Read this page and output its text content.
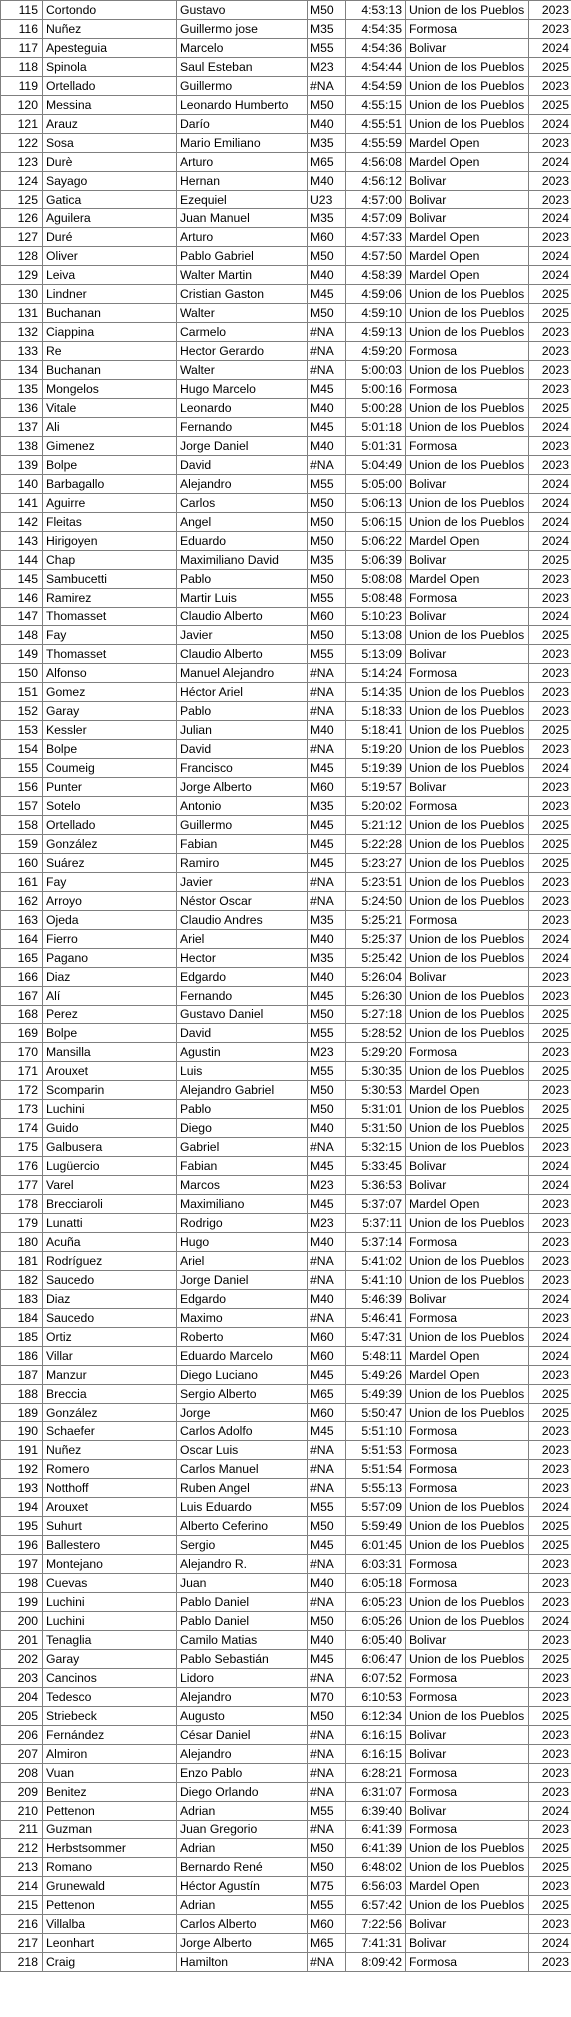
115	Cortondo	Gustavo	M50	4:53:13	Union de los Pueblos	2023
116	Nuñez	Guillermo jose	M35	4:54:35	Formosa	2023
117	Apesteguia	Marcelo	M55	4:54:36	Bolivar	2024
118	Spinola	Saul Esteban	M23	4:54:44	Union de los Pueblos	2025
119	Ortellado	Guillermo	#NA	4:54:59	Union de los Pueblos	2023
120	Messina	Leonardo Humberto	M50	4:55:15	Union de los Pueblos	2025
121	Arauz	Darío	M40	4:55:51	Union de los Pueblos	2024
122	Sosa	Mario Emiliano	M35	4:55:59	Mardel Open	2023
123	Durè	Arturo	M65	4:56:08	Mardel Open	2024
124	Sayago	Hernan	M40	4:56:12	Bolivar	2023
125	Gatica	Ezequiel	U23	4:57:00	Bolivar	2023
126	Aguilera	Juan Manuel	M35	4:57:09	Bolivar	2024
127	Duré	Arturo	M60	4:57:33	Mardel Open	2023
128	Oliver	Pablo Gabriel	M50	4:57:50	Mardel Open	2024
129	Leiva	Walter Martin	M40	4:58:39	Mardel Open	2024
130	Lindner	Cristian Gaston	M45	4:59:06	Union de los Pueblos	2025
131	Buchanan	Walter	M50	4:59:10	Union de los Pueblos	2025
132	Ciappina	Carmelo	#NA	4:59:13	Union de los Pueblos	2023
133	Re	Hector Gerardo	#NA	4:59:20	Formosa	2023
134	Buchanan	Walter	#NA	5:00:03	Union de los Pueblos	2023
135	Mongelos	Hugo Marcelo	M45	5:00:16	Formosa	2023
136	Vitale	Leonardo	M40	5:00:28	Union de los Pueblos	2025
137	Ali	Fernando	M45	5:01:18	Union de los Pueblos	2024
138	Gimenez	Jorge Daniel	M40	5:01:31	Formosa	2023
139	Bolpe	David	#NA	5:04:49	Union de los Pueblos	2023
140	Barbagallo	Alejandro	M55	5:05:00	Bolivar	2024
141	Aguirre	Carlos	M50	5:06:13	Union de los Pueblos	2024
142	Fleitas	Angel	M50	5:06:15	Union de los Pueblos	2024
143	Hirigoyen	Eduardo	M50	5:06:22	Mardel Open	2024
144	Chap	Maximiliano David	M35	5:06:39	Bolivar	2025
145	Sambucetti	Pablo	M50	5:08:08	Mardel Open	2023
146	Ramirez	Martir Luis	M55	5:08:48	Formosa	2023
147	Thomasset	Claudio Alberto	M60	5:10:23	Bolivar	2024
148	Fay	Javier	M50	5:13:08	Union de los Pueblos	2025
149	Thomasset	Claudio Alberto	M55	5:13:09	Bolivar	2023
150	Alfonso	Manuel Alejandro	#NA	5:14:24	Formosa	2023
151	Gomez	Héctor Ariel	#NA	5:14:35	Union de los Pueblos	2023
152	Garay	Pablo	#NA	5:18:33	Union de los Pueblos	2023
153	Kessler	Julian	M40	5:18:41	Union de los Pueblos	2025
154	Bolpe	David	#NA	5:19:20	Union de los Pueblos	2023
155	Coumeig	Francisco	M45	5:19:39	Union de los Pueblos	2024
156	Punter	Jorge Alberto	M60	5:19:57	Bolivar	2023
157	Sotelo	Antonio	M35	5:20:02	Formosa	2023
158	Ortellado	Guillermo	M45	5:21:12	Union de los Pueblos	2025
159	González	Fabian	M45	5:22:28	Union de los Pueblos	2025
160	Suárez	Ramiro	M45	5:23:27	Union de los Pueblos	2025
161	Fay	Javier	#NA	5:23:51	Union de los Pueblos	2023
162	Arroyo	Néstor Oscar	#NA	5:24:50	Union de los Pueblos	2023
163	Ojeda	Claudio Andres	M35	5:25:21	Formosa	2023
164	Fierro	Ariel	M40	5:25:37	Union de los Pueblos	2024
165	Pagano	Hector	M35	5:25:42	Union de los Pueblos	2024
166	Diaz	Edgardo	M40	5:26:04	Bolivar	2023
167	Alí	Fernando	M45	5:26:30	Union de los Pueblos	2023
168	Perez	Gustavo Daniel	M50	5:27:18	Union de los Pueblos	2025
169	Bolpe	David	M55	5:28:52	Union de los Pueblos	2025
170	Mansilla	Agustin	M23	5:29:20	Formosa	2023
171	Arouxet	Luis	M55	5:30:35	Union de los Pueblos	2025
172	Scomparin	Alejandro Gabriel	M50	5:30:53	Mardel Open	2023
173	Luchini	Pablo	M50	5:31:01	Union de los Pueblos	2025
174	Guido	Diego	M40	5:31:50	Union de los Pueblos	2025
175	Galbusera	Gabriel	#NA	5:32:15	Union de los Pueblos	2023
176	Lugüercio	Fabian	M45	5:33:45	Bolivar	2024
177	Varel	Marcos	M23	5:36:53	Bolivar	2024
178	Brecciaroli	Maximiliano	M45	5:37:07	Mardel Open	2023
179	Lunatti	Rodrigo	M23	5:37:11	Union de los Pueblos	2023
180	Acuña	Hugo	M40	5:37:14	Formosa	2023
181	Rodríguez	Ariel	#NA	5:41:02	Union de los Pueblos	2023
182	Saucedo	Jorge Daniel	#NA	5:41:10	Union de los Pueblos	2023
183	Diaz	Edgardo	M40	5:46:39	Bolivar	2024
184	Saucedo	Maximo	#NA	5:46:41	Formosa	2023
185	Ortiz	Roberto	M60	5:47:31	Union de los Pueblos	2024
186	Villar	Eduardo Marcelo	M60	5:48:11	Mardel Open	2024
187	Manzur	Diego Luciano	M45	5:49:26	Mardel Open	2023
188	Breccia	Sergio Alberto	M65	5:49:39	Union de los Pueblos	2025
189	González	Jorge	M60	5:50:47	Union de los Pueblos	2025
190	Schaefer	Carlos Adolfo	M45	5:51:10	Formosa	2023
191	Nuñez	Oscar Luis	#NA	5:51:53	Formosa	2023
192	Romero	Carlos Manuel	#NA	5:51:54	Formosa	2023
193	Notthoff	Ruben Angel	#NA	5:55:13	Formosa	2023
194	Arouxet	Luis Eduardo	M55	5:57:09	Union de los Pueblos	2024
195	Suhurt	Alberto Ceferino	M50	5:59:49	Union de los Pueblos	2025
196	Ballestero	Sergio	M45	6:01:45	Union de los Pueblos	2025
197	Montejano	Alejandro R.	#NA	6:03:31	Formosa	2023
198	Cuevas	Juan	M40	6:05:18	Formosa	2023
199	Luchini	Pablo Daniel	#NA	6:05:23	Union de los Pueblos	2023
200	Luchini	Pablo Daniel	M50	6:05:26	Union de los Pueblos	2024
201	Tenaglia	Camilo Matias	M40	6:05:40	Bolivar	2023
202	Garay	Pablo Sebastián	M45	6:06:47	Union de los Pueblos	2025
203	Cancinos	Lidoro	#NA	6:07:52	Formosa	2023
204	Tedesco	Alejandro	M70	6:10:53	Formosa	2023
205	Striebeck	Augusto	M50	6:12:34	Union de los Pueblos	2025
206	Fernández	César Daniel	#NA	6:16:15	Bolivar	2023
207	Almiron	Alejandro	#NA	6:16:15	Bolivar	2023
208	Vuan	Enzo Pablo	#NA	6:28:21	Formosa	2023
209	Benitez	Diego Orlando	#NA	6:31:07	Formosa	2023
210	Pettenon	Adrian	M55	6:39:40	Bolivar	2024
211	Guzman	Juan Gregorio	#NA	6:41:39	Formosa	2023
212	Herbstsommer	Adrian	M50	6:41:39	Union de los Pueblos	2025
213	Romano	Bernardo René	M50	6:48:02	Union de los Pueblos	2025
214	Grunewald	Héctor Agustín	M75	6:56:03	Mardel Open	2023
215	Pettenon	Adrian	M55	6:57:42	Union de los Pueblos	2025
216	Villalba	Carlos Alberto	M60	7:22:56	Bolivar	2023
217	Leonhart	Jorge Alberto	M65	7:41:31	Bolivar	2024
218	Craig	Hamilton	#NA	8:09:42	Formosa	2023
